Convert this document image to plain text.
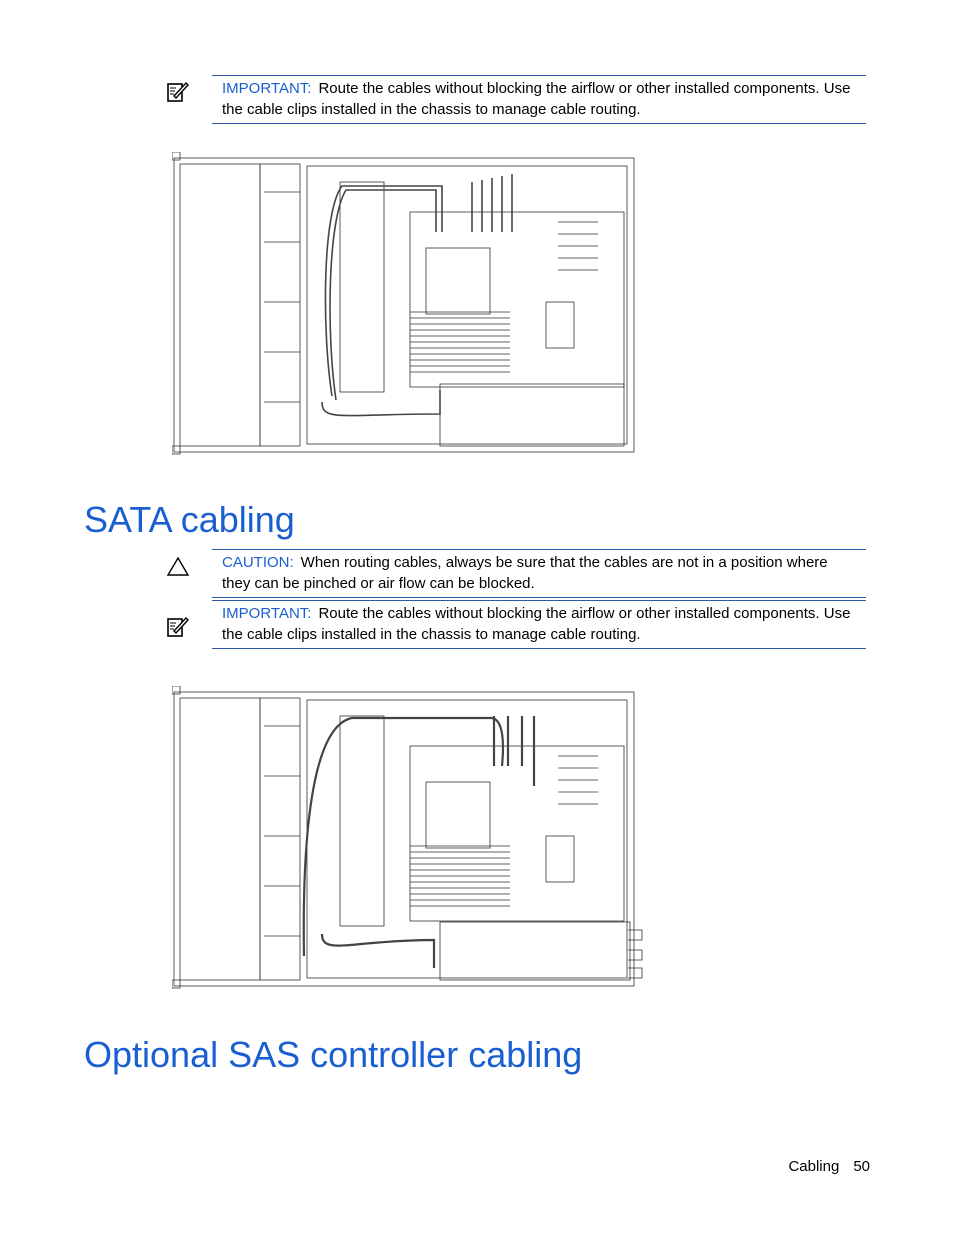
IMPORTANT: Route the cables without blocking the airflow or other installed components. Use the cable clips installed in the chassis to manage cable routing.
SATA cabling
CAUTION: When routing cables, always be sure that the cables are not in a position where they can be pinched or air flow can be blocked.
IMPORTANT: Route the cables without blocking the airflow or other installed components. Use the cable clips installed in the chassis to manage cable routing.
Optional SAS controller cabling
Cabling 50
